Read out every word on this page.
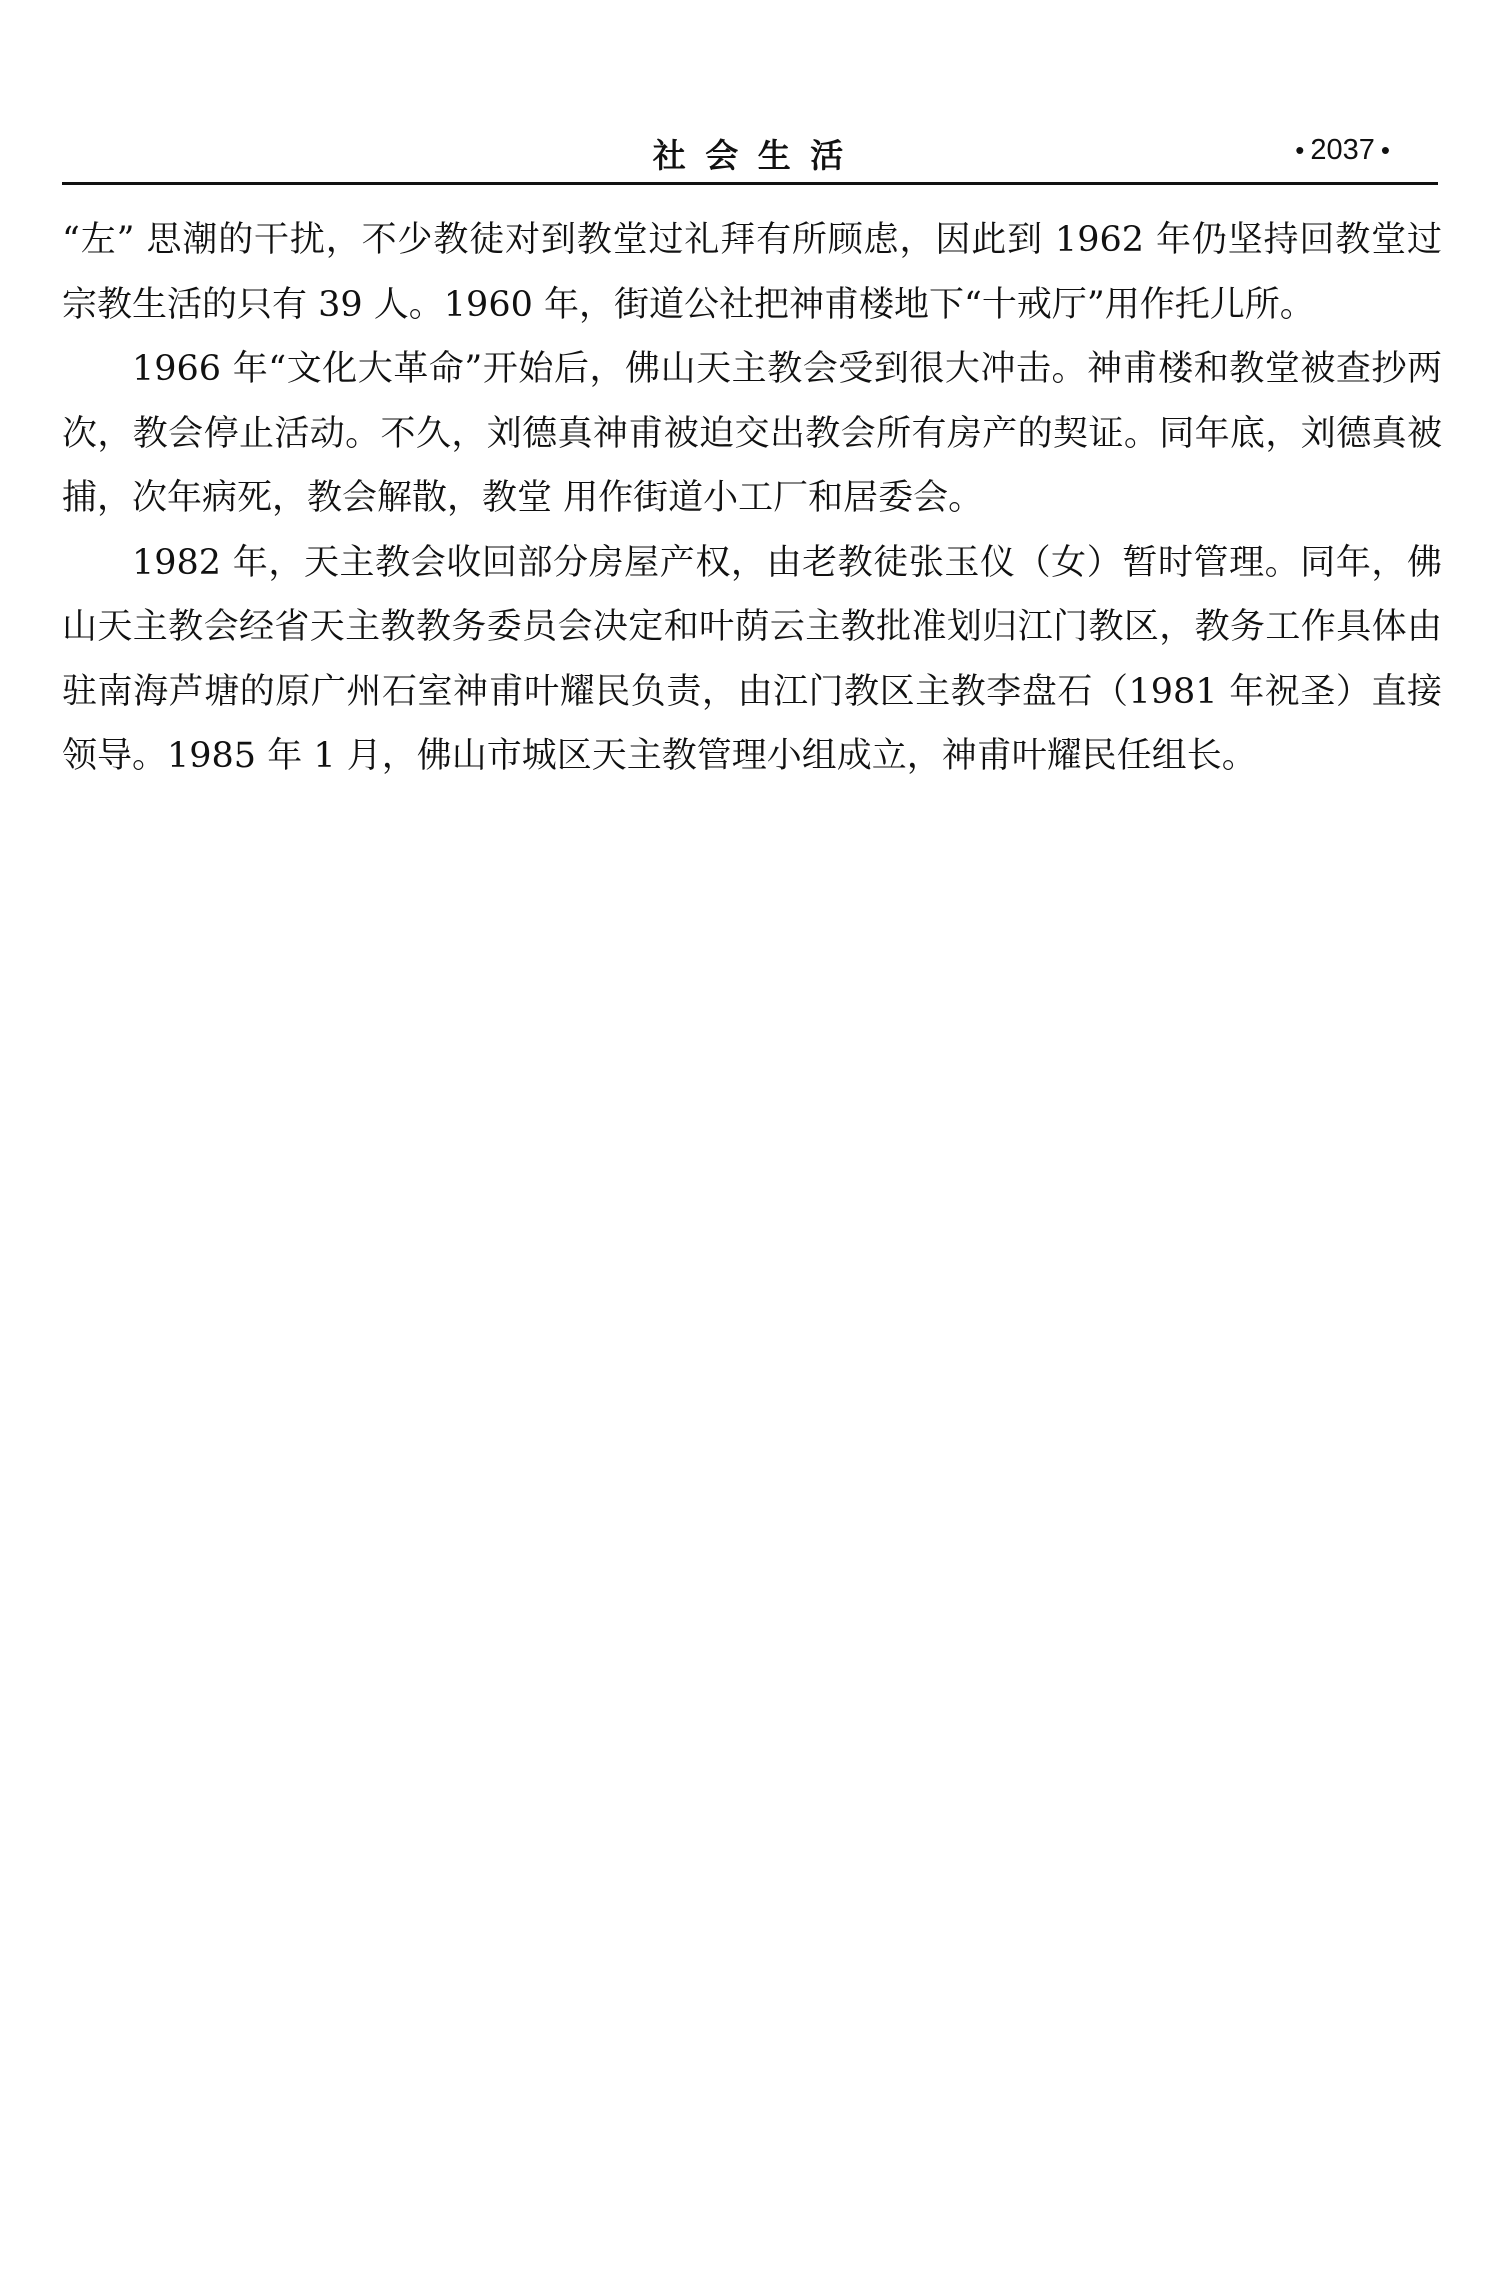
社 会 生 活	• 2037 •

“左” 思潮的干扰，不少教徒对到教堂过礼拜有所顾虑，因此到 1962 年仍坚持回教堂过宗教生活的只有 39 人。1960 年，街道公社把神甫楼地下“十戒厅”用作托儿所。

1966 年“文化大革命”开始后，佛山天主教会受到很大冲击。神甫楼和教堂被查抄两次，教会停止活动。不久，刘德真神甫被迫交出教会所有房产的契证。同年底，刘德真被捕，次年病死，教会解散，教堂 用作街道小工厂和居委会。

1982 年，天主教会收回部分房屋产权，由老教徒张玉仪（女）暂时管理。同年，佛山天主教会经省天主教教务委员会决定和叶荫云主教批准划归江门教区，教务工作具体由驻南海芦塘的原广州石室神甫叶耀民负责，由江门教区主教李盘石（1981 年祝圣）直接领导。1985 年 1 月，佛山市城区天主教管理小组成立，神甫叶耀民任组长。
